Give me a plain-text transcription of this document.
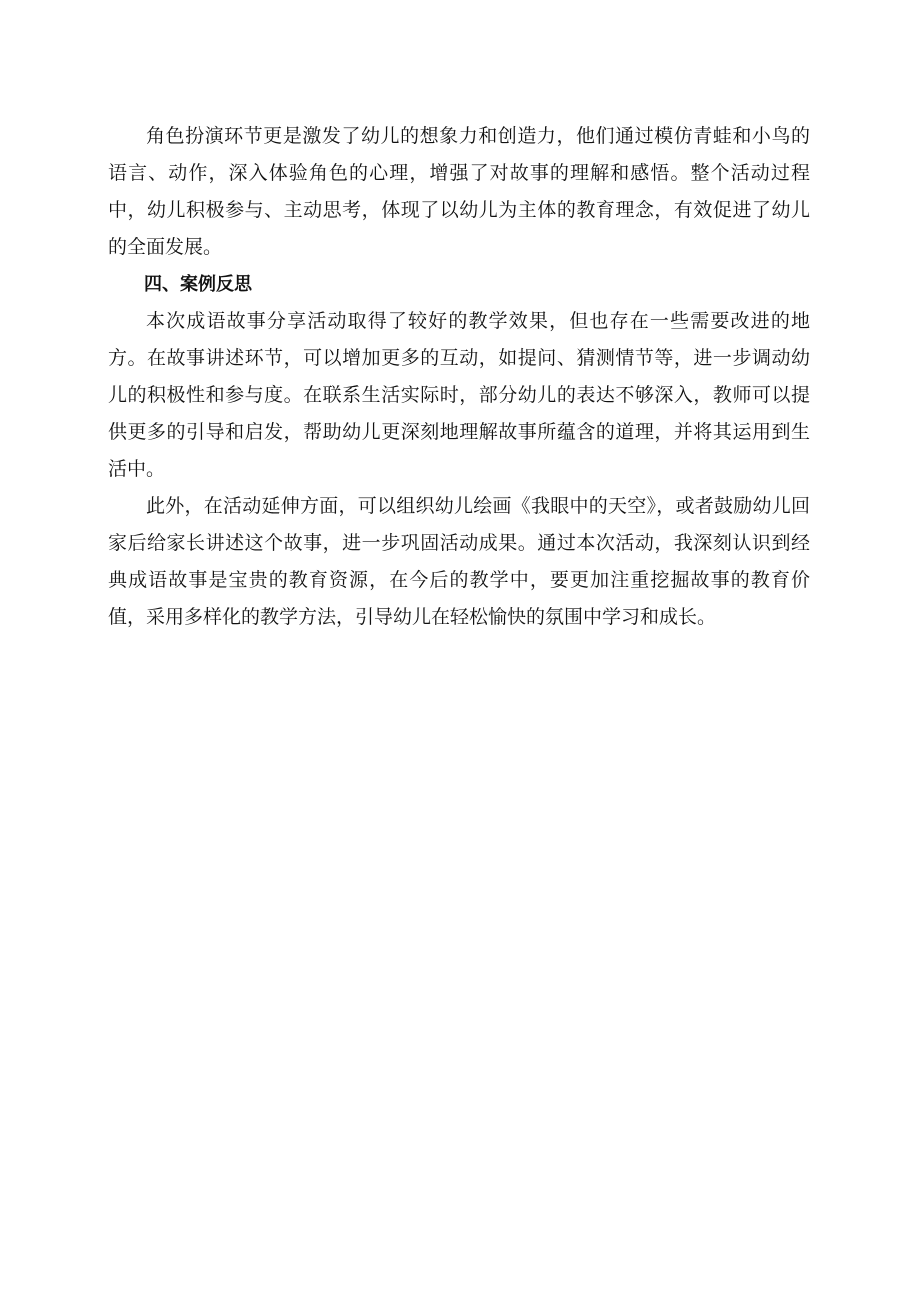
角色扮演环节更是激发了幼儿的想象力和创造力，他们通过模仿青蛙和小鸟的语言、动作，深入体验角色的心理，增强了对故事的理解和感悟。整个活动过程中，幼儿积极参与、主动思考，体现了以幼儿为主体的教育理念，有效促进了幼儿的全面发展。

四、案例反思

本次成语故事分享活动取得了较好的教学效果，但也存在一些需要改进的地方。在故事讲述环节，可以增加更多的互动，如提问、猜测情节等，进一步调动幼儿的积极性和参与度。在联系生活实际时，部分幼儿的表达不够深入，教师可以提供更多的引导和启发，帮助幼儿更深刻地理解故事所蕴含的道理，并将其运用到生活中。

此外，在活动延伸方面，可以组织幼儿绘画《我眼中的天空》，或者鼓励幼儿回家后给家长讲述这个故事，进一步巩固活动成果。通过本次活动，我深刻认识到经典成语故事是宝贵的教育资源，在今后的教学中，要更加注重挖掘故事的教育价值，采用多样化的教学方法，引导幼儿在轻松愉快的氛围中学习和成长。
